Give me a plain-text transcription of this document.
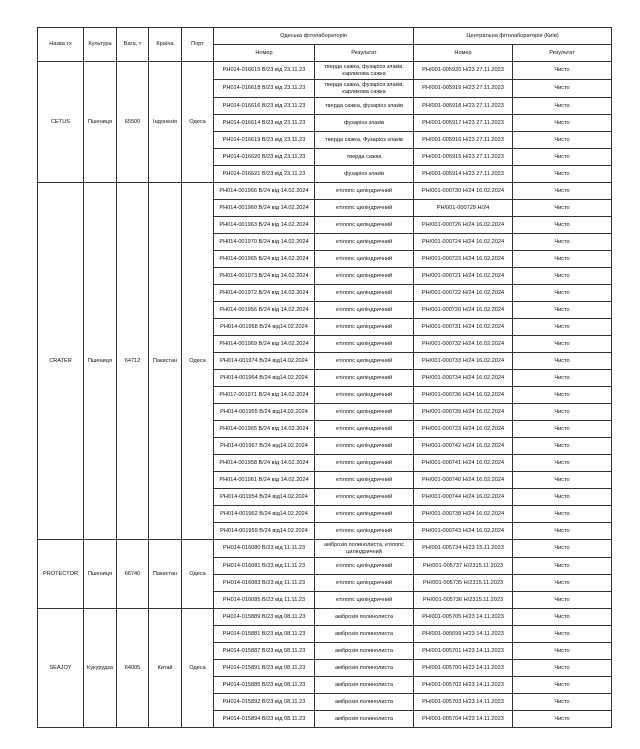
Назва тх	Культура	Вага, т	Країна	Порт	Одеська фітолабораторія		Центральна фітолабораторія (Київ)	
					Номер	Результат	Номер	Результат
CETUS	Пшениця	65500	Індонезія	Одеса	РН014-016615 В/23 від 23.11.23	тверда сажка, фузаріоз злаків, карликова сажка	РН/001-005920 Н/23 27.11.2023	Чисто
					РН014-016618 В/23 від 23.11.23	тверда сажка, фузаріоз злаків, карликова сажка	РН/001-005919 Н/23 27.11.2023	Чисто
					РН014-016616 В/23 від 23.11.23	тверда сажка, фузаріоз злаків	РН/001-005918 Н/23 27.11.2023	Чисто
					РН014-016614 В/23 від 23.11.23	фузаріоз злаків	РН/001-005917 Н/23 27.11.2023	Чисто
					РН014-016619 В/23 від 23.11.23	тверда сажка, Фузаріоз злаків	РН/001-005916 Н/23 27.11.2023	Чисто
					РН014-016620 В/23 від 23.11.23	тверда сажка	РН/001-005915 Н/23 27.11.2023	Чисто
					РН014-016621 В/23 від 23.11.23	фузаріоз злаків	РН/001-005914 Н/23 27.11.2023	Чисто
CRATER	Пшениця	64712	Пакистан	Одеса	РН014-001966 В/24 від 14.02.2024	етілопс циліндричний	РН/001-000730 Н/24 16.02.2024	Чисто
					РН014-001960 В/24 від 14.02.2024	етілопс циліндричний	РН/001-000729 Н/24	Чисто
					РН014-001963 В/24 від 14.02.2024	етілопс циліндричний	РН/001-000726 Н/24 16.02.2024	Чисто
					РН014-001970 В/24 від 14.02.2024	етілопс циліндричний	РН/001-000724 Н/24 16.02.2024	Чисто
					РН014-001965 В/24 від 14.02.2024	етілопс циліндричний	РН/001-000723 Н/24 16.02.2024	Чисто
					РН014-001973 В/24 від 14.02.2024	етілопс циліндричний	РН/001-000721 Н/24 16.02.2024	Чисто
					РН014-001972 В/24 від 14.02.2024	етілопс циліндричний	РН/001-000722 Н/24 16.02.2024	Чисто
					РН014-001956 В/24 від 14.02.2024	етілопс циліндричний	РН/001-000720 Н/24 16.02.2024	Чисто
					РН014-001968 В/24 від14.02.2024	етілопс циліндричний	РН/001-000731 Н/24 16.02.2024	Чисто
					РН014-001969 В/24 від 14.02.2024	етілопс циліндричний	РН/001-000732 Н/24 16.02.2024	Чисто
					РН014-001974 В/24 від14.02.2024	етілопс циліндричний	РН/001-000733 Н/24 16.02.2024	Чисто
					РН014-001964 В/24 від14.02.2024	етілопс циліндричний	РН/001-000734 Н/24 16.02.2024	Чисто
					РН017-001971 В/24 від 14.02.2024	етілопс циліндричний	РН/001-000736 Н/24 16.02.2024	Чисто
					РН014-001955 В/24 від14.02.2024	етілопс циліндричний	РН/001-000739 Н/24 16.02.2024	Чисто
					РН014-001965 В/24 від 14.02.2024	етілопс циліндричний	РН/001-000723 Н/24 16.02.2024	Чисто
					РН014-001967 В/24 від14.02.2024	етілопс циліндричний	РН/001-000742 Н/24 16.02.2024	Чисто
					РН014-001958 В/24 від 14.02.2024	етілопс циліндричний	РН/001-000741 Н/24 16.02.2024	Чисто
					РН014-001961 В/24 від 14.02.2024	етілопс циліндричний	РН/001-000740 Н/24 16.02.2024	Чисто
					РН014-001954 В/24 від14.02.2024	етілопс циліндричний	РН/001-000744 Н/24 16.02.2024	Чисто
					РН014-001962 В/24 від14.02.2024	етілопс циліндричний	РН/001-000738 Н/24 16.02.2024	Чисто
					РН014-001959 В/24 від14.02.2024	етілопс циліндричний	РН/001-000743 Н/24 16.02.2024	Чисто
PROTECTOR	Пшениця	66740	Пакистан	Одеса	РН014-016080 В/23 від 11.11.23	амброзія полинолиста, етілопс циліндричний	РН/001-005734 Н/23 15.11.2023	Чисто
					РН014-016081 В/23 від 11.11.23	етілопс циліндричний	РН/001-005737 Н/2315.11.2023	Чисто
					РН014-016083 В/23 від 11.11.23	етілопс циліндричний	РН/001-005735 Н/2315.11.2023	Чисто
					РН014-016085 В/23 від 11.11.23	етілопс циліндричний	РН/001-005736 Н/2315.11.2023	Чисто
SEAJOY	Кукурудза	64005	Китай	Одеса	РН014-015889 В/23 від 08.11.23	амброзія полинолиста	РН/001-005705 Н/23 14.11.2023	Чисто
					РН014-015881 В/23 від 08.11.23	амброзія полинолиста	РН/001-005699 Н/23 14.11.2023	Чисто
					РН014-015887 В/23 від 08.11.23	амброзія полинолиста	РН/001-005701 Н/23 14.11.2023	Чисто
					РН014-015891 В/23 від 08.11.23	амброзія полинолиста	РН/001-005700 Н/23 14.11.2023	Чисто
					РН014-015885 В/23 від 08.11.23	амброзія полинолиста	РН/001-005702 Н/23 14.11.2023	Чисто
					РН014-015892 В/23 від 08.11.23	амброзія полинолиста	РН/001-005703 Н/23 14.11.2023	Чисто
					РН014-015894 В/23 від 08.11.23	амброзія полинолиста	РН/001-005704 Н/23 14.11.2023	Чисто
